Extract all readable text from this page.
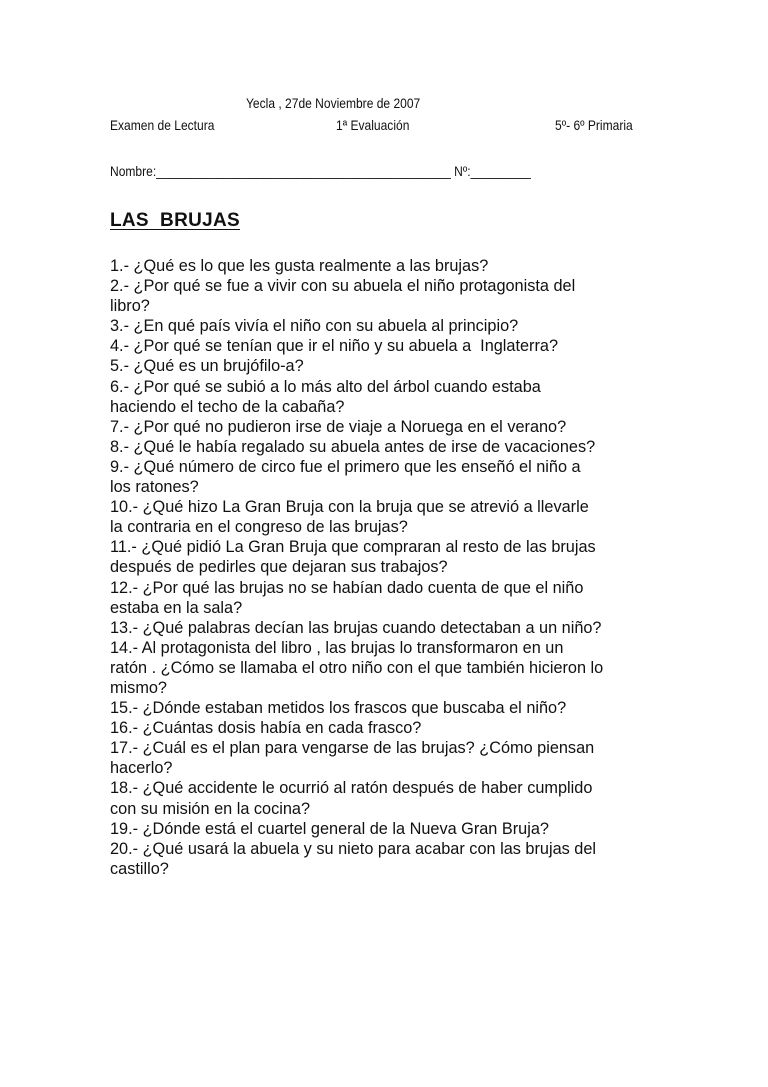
Yecla , 27de Noviembre de 2007
Examen de Lectura	1ª Evaluación	5º- 6º Primaria
Nombre:____________________________________________ Nº:_________
LAS  BRUJAS
1.- ¿Qué es lo que les gusta realmente a las brujas?
2.- ¿Por qué se fue a vivir con su abuela el niño protagonista del
libro?
3.- ¿En qué país vivía el niño con su abuela al principio?
4.- ¿Por qué se tenían que ir el niño y su abuela a  Inglaterra?
5.- ¿Qué es un brujófilo-a?
6.- ¿Por qué se subió a lo más alto del árbol cuando estaba
haciendo el techo de la cabaña?
7.- ¿Por qué no pudieron irse de viaje a Noruega en el verano?
8.- ¿Qué le había regalado su abuela antes de irse de vacaciones?
9.- ¿Qué número de circo fue el primero que les enseñó el niño a
los ratones?
10.- ¿Qué hizo La Gran Bruja con la bruja que se atrevió a llevarle
la contraria en el congreso de las brujas?
11.- ¿Qué pidió La Gran Bruja que compraran al resto de las brujas
después de pedirles que dejaran sus trabajos?
12.- ¿Por qué las brujas no se habían dado cuenta de que el niño
estaba en la sala?
13.- ¿Qué palabras decían las brujas cuando detectaban a un niño?
14.- Al protagonista del libro , las brujas lo transformaron en un
ratón . ¿Cómo se llamaba el otro niño con el que también hicieron lo
mismo?
15.- ¿Dónde estaban metidos los frascos que buscaba el niño?
16.- ¿Cuántas dosis había en cada frasco?
17.- ¿Cuál es el plan para vengarse de las brujas? ¿Cómo piensan
hacerlo?
18.- ¿Qué accidente le ocurrió al ratón después de haber cumplido
con su misión en la cocina?
19.- ¿Dónde está el cuartel general de la Nueva Gran Bruja?
20.- ¿Qué usará la abuela y su nieto para acabar con las brujas del
castillo?
